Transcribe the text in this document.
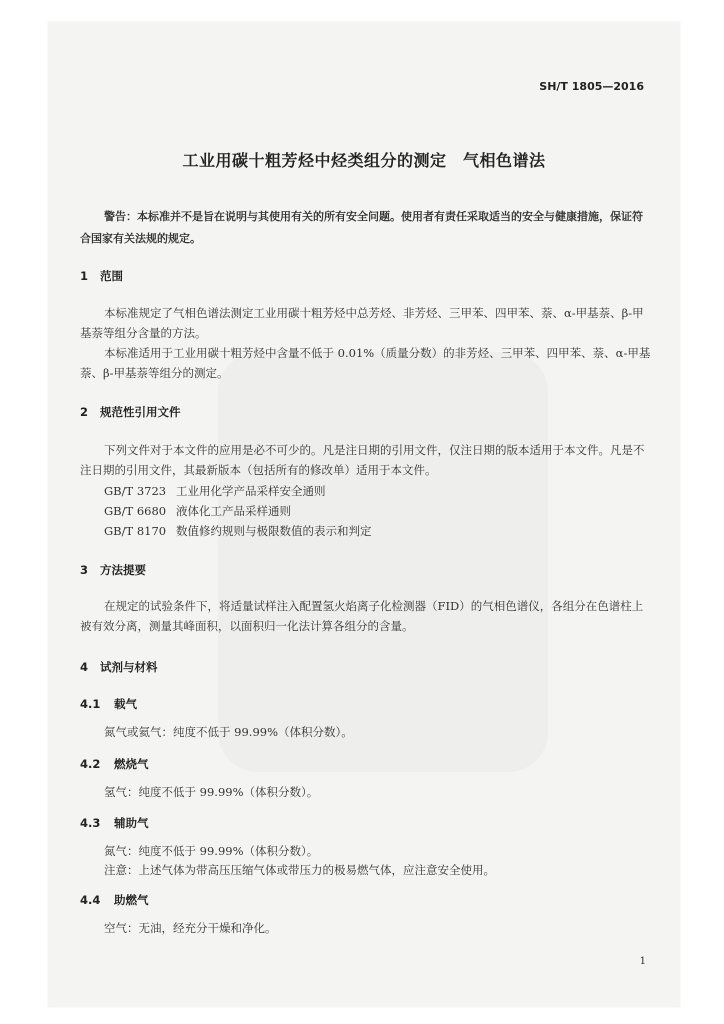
SH/T 1805—2016
工业用碳十粗芳烃中烃类组分的测定　气相色谱法

警告：本标准并不是旨在说明与其使用有关的所有安全问题。使用者有责任采取适当的安全与健康措施，保证符合国家有关法规的规定。

1 范围

本标准规定了气相色谱法测定工业用碳十粗芳烃中总芳烃、非芳烃、三甲苯、四甲苯、萘、α-甲基萘、β-甲基萘等组分含量的方法。

本标准适用于工业用碳十粗芳烃中含量不低于 0.01%（质量分数）的非芳烃、三甲苯、四甲苯、萘、α-甲基萘、β-甲基萘等组分的测定。

2 规范性引用文件

下列文件对于本文件的应用是必不可少的。凡是注日期的引用文件，仅注日期的版本适用于本文件。凡是不注日期的引用文件，其最新版本（包括所有的修改单）适用于本文件。

GB/T 3723 工业用化学产品采样安全通则
GB/T 6680 液体化工产品采样通则
GB/T 8170 数值修约规则与极限数值的表示和判定
3 方法提要

在规定的试验条件下，将适量试样注入配置氢火焰离子化检测器（FID）的气相色谱仪，各组分在色谱柱上被有效分离，测量其峰面积，以面积归一化法计算各组分的含量。

4 试剂与材料
4.1 载气
氮气或氦气：纯度不低于 99.99%（体积分数）。
4.2 燃烧气
氢气：纯度不低于 99.99%（体积分数）。
4.3 辅助气
氮气：纯度不低于 99.99%（体积分数）。
注意：上述气体为带高压压缩气体或带压力的极易燃气体，应注意安全使用。
4.4 助燃气
空气：无油，经充分干燥和净化。
1
